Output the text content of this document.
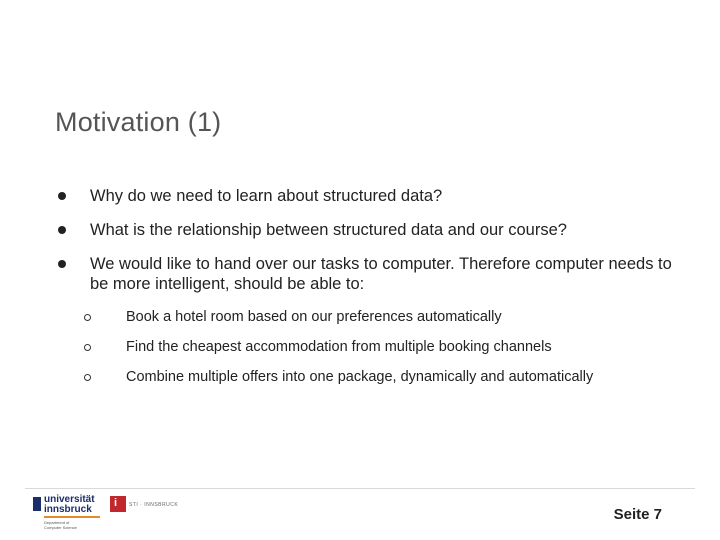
Motivation (1)
Why do we need to learn about structured data?
What is the relationship between structured data and our course?
We would like to hand over our tasks to computer. Therefore computer needs to be more intelligent, should be able to:
Book a hotel room based on our preferences automatically
Find the cheapest accommodation from multiple booking channels
Combine multiple offers into one package, dynamically and automatically
universität
innsbruck
Department of
Computer Science
i STI · INNSBRUCK
Seite 7
